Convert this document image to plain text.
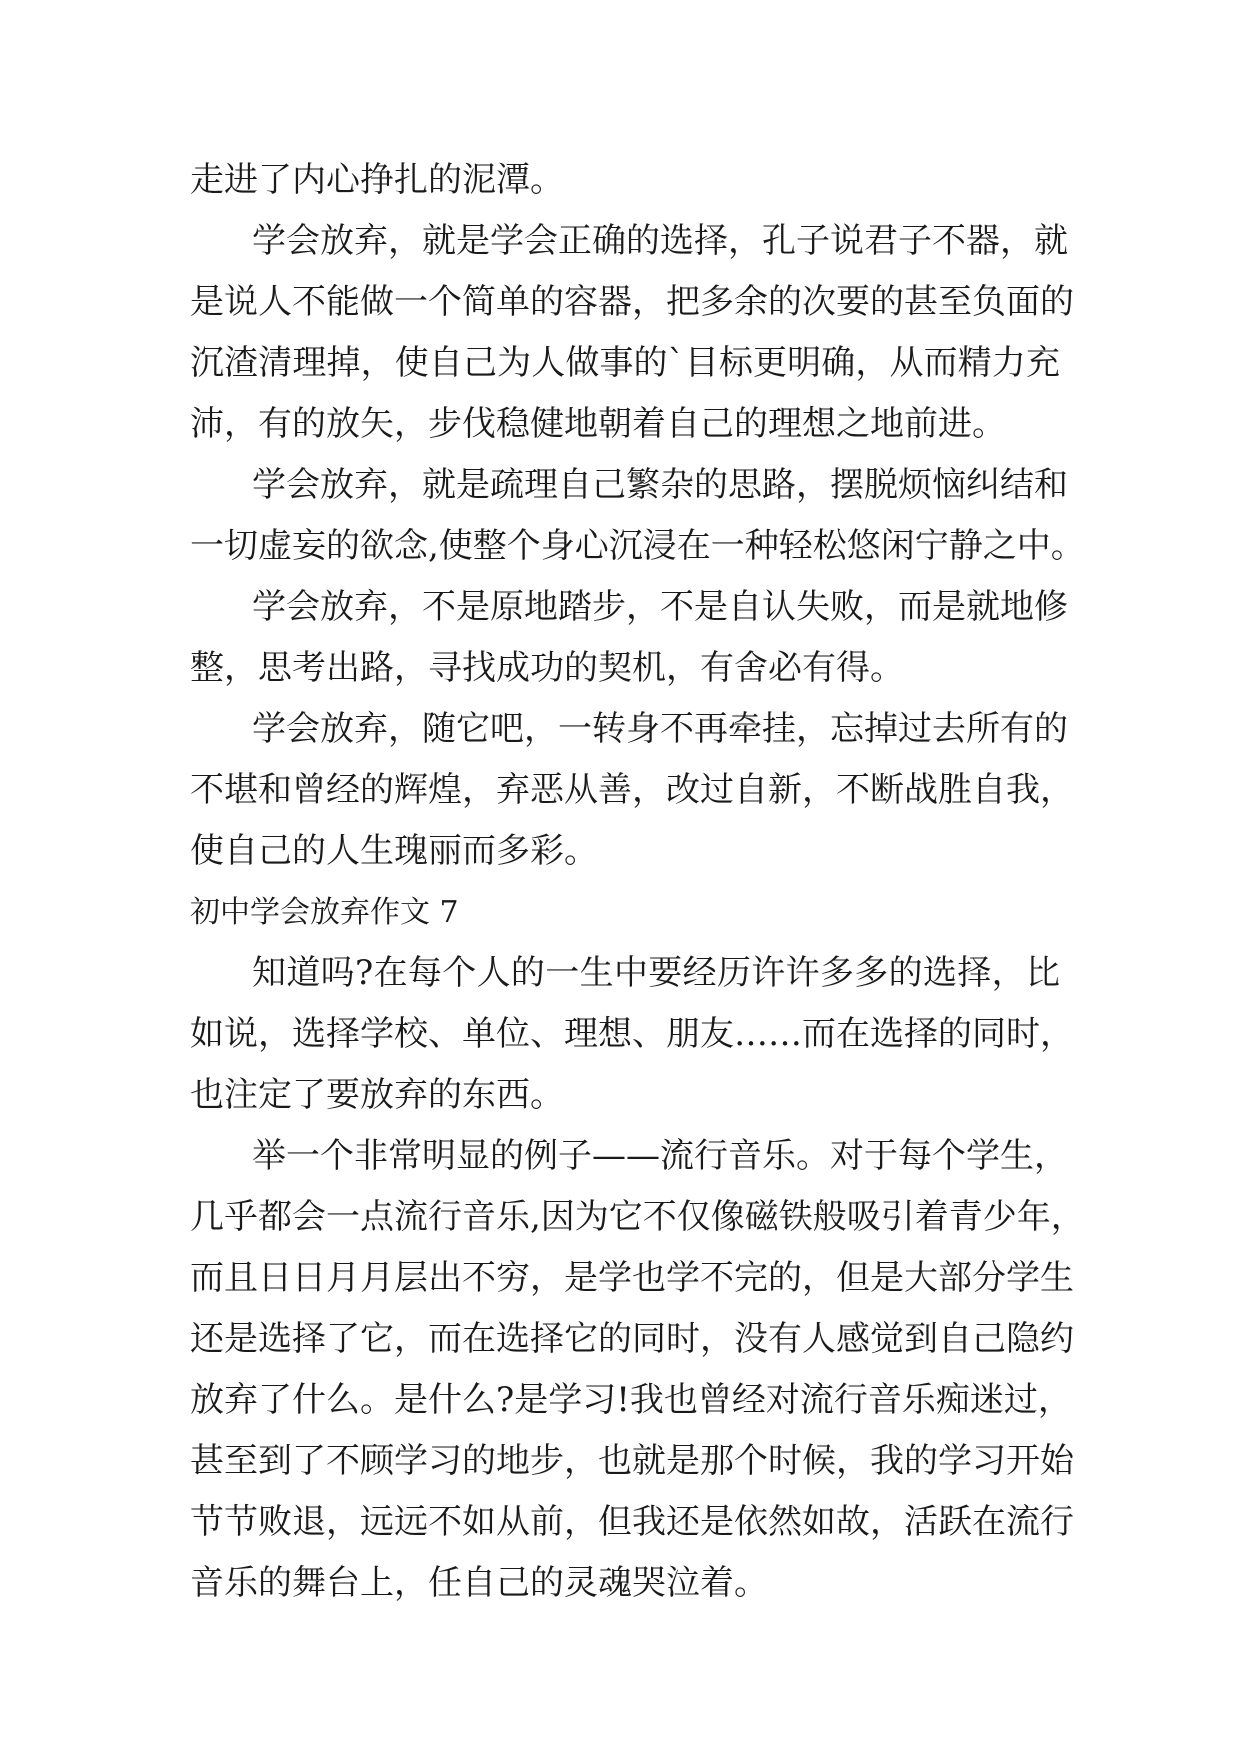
走进了内心挣扎的泥潭。
学会放弃，就是学会正确的选择，孔子说君子不器，就
是说人不能做一个简单的容器，把多余的次要的甚至负面的
沉渣清理掉，使自己为人做事的`目标更明确，从而精力充
沛，有的放矢，步伐稳健地朝着自己的理想之地前进。
学会放弃，就是疏理自己繁杂的思路，摆脱烦恼纠结和
一切虚妄的欲念,使整个身心沉浸在一种轻松悠闲宁静之中。
学会放弃，不是原地踏步，不是自认失败，而是就地修
整，思考出路，寻找成功的契机，有舍必有得。
学会放弃，随它吧，一转身不再牵挂，忘掉过去所有的
不堪和曾经的辉煌，弃恶从善，改过自新，不断战胜自我，
使自己的人生瑰丽而多彩。
初中学会放弃作文 7
知道吗?在每个人的一生中要经历许许多多的选择，比
如说，选择学校、单位、理想、朋友……而在选择的同时，
也注定了要放弃的东西。
举一个非常明显的例子——流行音乐。对于每个学生，
几乎都会一点流行音乐,因为它不仅像磁铁般吸引着青少年，
而且日日月月层出不穷，是学也学不完的，但是大部分学生
还是选择了它，而在选择它的同时，没有人感觉到自己隐约
放弃了什么。是什么?是学习!我也曾经对流行音乐痴迷过，
甚至到了不顾学习的地步，也就是那个时候，我的学习开始
节节败退，远远不如从前，但我还是依然如故，活跃在流行
音乐的舞台上，任自己的灵魂哭泣着。
